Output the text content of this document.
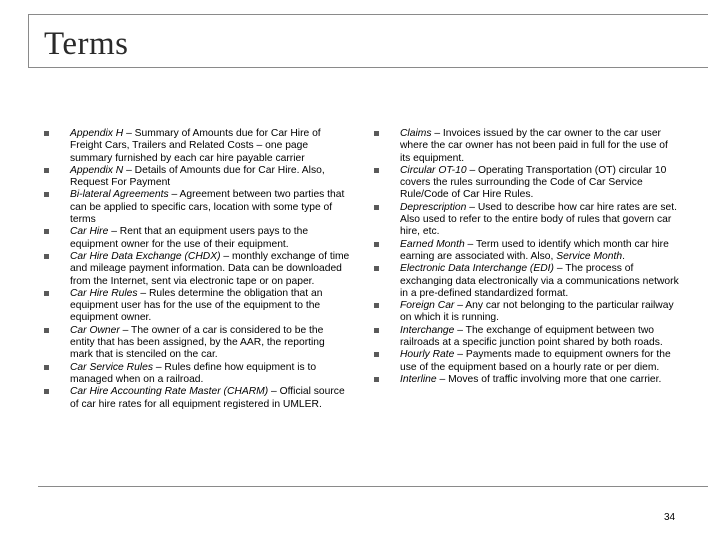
Terms
Appendix H – Summary of Amounts due for Car Hire of Freight Cars, Trailers and Related Costs – one page summary furnished by each car hire payable carrier
Appendix N – Details of Amounts due for Car Hire. Also, Request For Payment
Bi-lateral Agreements – Agreement between two parties that can be applied to specific cars, location with some type of terms
Car Hire – Rent that an equipment users pays to the equipment owner for the use of their equipment.
Car Hire Data Exchange (CHDX) – monthly exchange of time and mileage payment information. Data can be downloaded from the Internet, sent via electronic tape or on paper.
Car Hire Rules – Rules determine the obligation that an equipment user has for the use of the equipment to the equipment owner.
Car Owner – The owner of a car is considered to be the entity that has been assigned, by the AAR, the reporting mark that is stenciled on the car.
Car Service Rules – Rules define how equipment is to managed when on a railroad.
Car Hire Accounting Rate Master (CHARM) – Official source of car hire rates for all equipment registered in UMLER.
Claims – Invoices issued by the car owner to the car user where the car owner has not been paid in full for the use of its equipment.
Circular OT-10 – Operating Transportation (OT) circular 10 covers the rules surrounding the Code of Car Service Rule/Code of Car Hire Rules.
Deprescription – Used to describe how car hire rates are set. Also used to refer to the entire body of rules that govern car hire, etc.
Earned Month – Term used to identify which month car hire earning are associated with. Also, Service Month.
Electronic Data Interchange (EDI) – The process of exchanging data electronically via a communications network in a pre-defined standardized format.
Foreign Car – Any car not belonging to the particular railway on which it is running.
Interchange – The exchange of equipment between two railroads at a specific junction point shared by both roads.
Hourly Rate – Payments made to equipment owners for the use of the equipment based on a hourly rate or per diem.
Interline – Moves of traffic involving more that one carrier.
34
